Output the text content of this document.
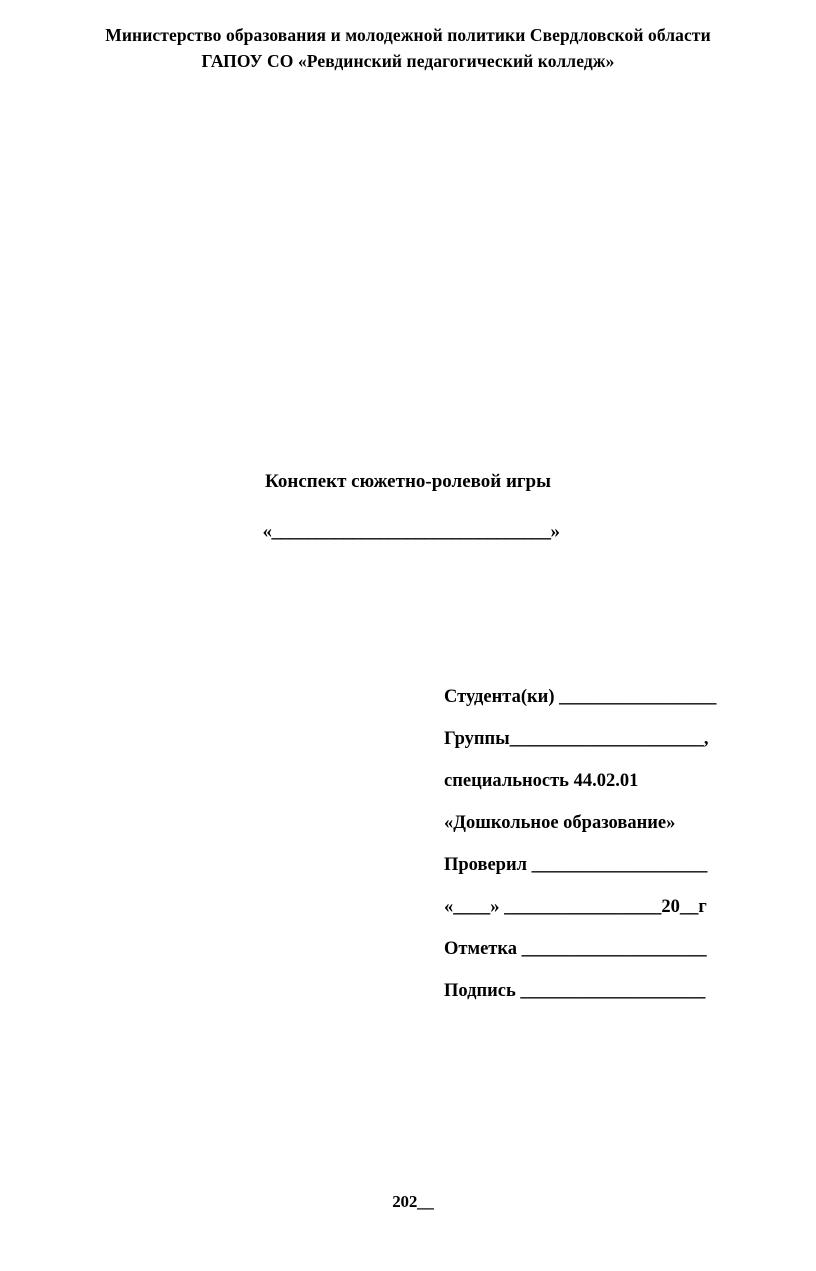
Министерство образования и молодежной политики Свердловской области
ГАПОУ СО «Ревдинский педагогический колледж»
Конспект сюжетно-ролевой игры
«_______________________________»
Студента(ки) _________________
Группы_____________________,
специальность 44.02.01
«Дошкольное образование»
Проверил ___________________
«____» _________________20__г
Отметка ____________________
Подпись ____________________
202__
